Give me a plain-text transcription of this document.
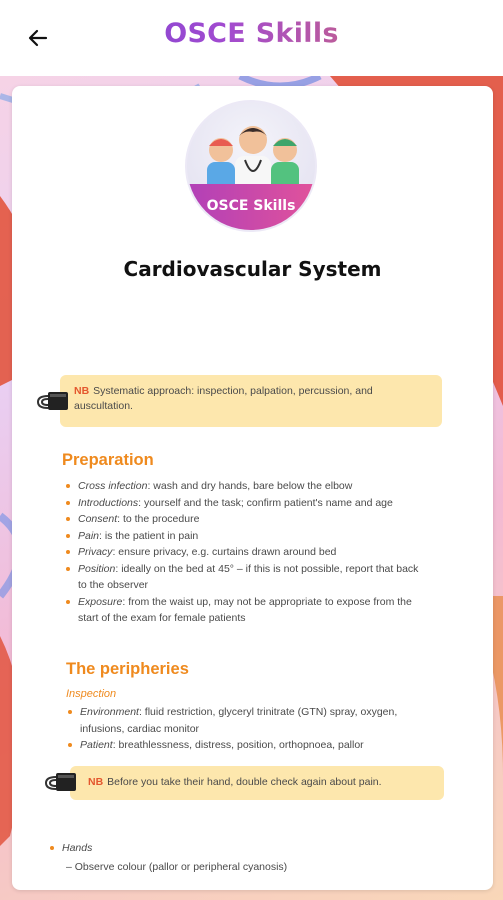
OSCE Skills
OSCE Skills
Cardiovascular System
NB Systematic approach: inspection, palpation, percussion, and
auscultation.
Preparation
Cross infection: wash and dry hands, bare below the elbow
Introductions: yourself and the task; confirm patient's name and age
Consent: to the procedure
Pain: is the patient in pain
Privacy: ensure privacy, e.g. curtains drawn around bed
Position: ideally on the bed at 45° – if this is not possible, report that back
to the observer
Exposure: from the waist up, may not be appropriate to expose from the
start of the exam for female patients
The peripheries
Inspection
Environment: fluid restriction, glyceryl trinitrate (GTN) spray, oxygen,
infusions, cardiac monitor
Patient: breathlessness, distress, position, orthopnoea, pallor
NB Before you take their hand, double check again about pain.
Hands
– Observe colour (pallor or peripheral cyanosis)
